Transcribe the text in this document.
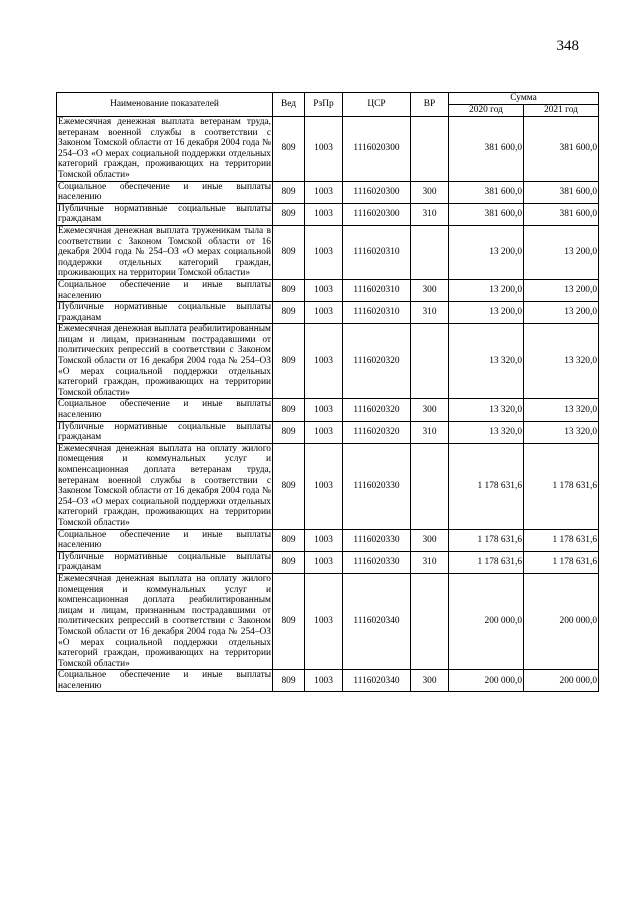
348
Наименование показателей	Вед	РзПр	ЦСР	ВР	Сумма	
					2020 год	2021 год
Ежемесячная денежная выплата ветеранам труда, ветеранам военной службы в соответствии с Законом Томской области от 16 декабря 2004 года № 254–ОЗ «О мерах социальной поддержки отдельных категорий граждан, проживающих на территории Томской области»	809	1003	1116020300		381 600,0	381 600,0
Социальное обеспечение и иные выплаты населению	809	1003	1116020300	300	381 600,0	381 600,0
Публичные нормативные социальные выплаты гражданам	809	1003	1116020300	310	381 600,0	381 600,0
Ежемесячная денежная выплата труженикам тыла в соответствии с Законом Томской области от 16 декабря 2004 года № 254–ОЗ «О мерах социальной поддержки отдельных категорий граждан, проживающих на территории Томской области»	809	1003	1116020310		13 200,0	13 200,0
Социальное обеспечение и иные выплаты населению	809	1003	1116020310	300	13 200,0	13 200,0
Публичные нормативные социальные выплаты гражданам	809	1003	1116020310	310	13 200,0	13 200,0
Ежемесячная денежная выплата реабилитированным лицам и лицам, признанным пострадавшими от политических репрессий в соответствии с Законом Томской области от 16 декабря 2004 года № 254–ОЗ «О мерах социальной поддержки отдельных категорий граждан, проживающих на территории Томской области»	809	1003	1116020320		13 320,0	13 320,0
Социальное обеспечение и иные выплаты населению	809	1003	1116020320	300	13 320,0	13 320,0
Публичные нормативные социальные выплаты гражданам	809	1003	1116020320	310	13 320,0	13 320,0
Ежемесячная денежная выплата на оплату жилого помещения и коммунальных услуг и компенсационная доплата ветеранам труда, ветеранам военной службы в соответствии с Законом Томской области от 16 декабря 2004 года № 254–ОЗ «О мерах социальной поддержки отдельных категорий граждан, проживающих на территории Томской области»	809	1003	1116020330		1 178 631,6	1 178 631,6
Социальное обеспечение и иные выплаты населению	809	1003	1116020330	300	1 178 631,6	1 178 631,6
Публичные нормативные социальные выплаты гражданам	809	1003	1116020330	310	1 178 631,6	1 178 631,6
Ежемесячная денежная выплата на оплату жилого помещения и коммунальных услуг и компенсационная доплата реабилитированным лицам и лицам, признанным пострадавшими от политических репрессий в соответствии с Законом Томской области от 16 декабря 2004 года № 254–ОЗ «О мерах социальной поддержки отдельных категорий граждан, проживающих на территории Томской области»	809	1003	1116020340		200 000,0	200 000,0
Социальное обеспечение и иные выплаты населению	809	1003	1116020340	300	200 000,0	200 000,0
